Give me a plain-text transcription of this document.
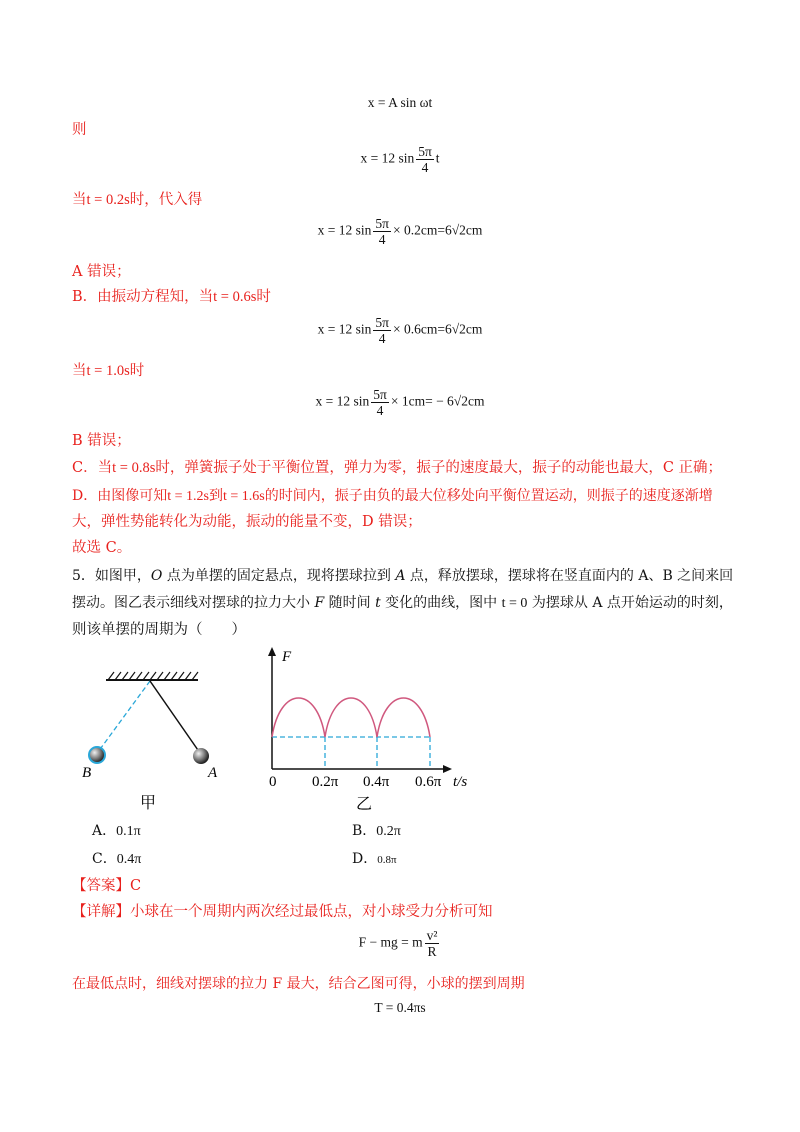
x = A sin ωt
则
x = 12 $\sin \frac{5\pi}{4}$ t
当t = 0.2s时，代入得
x = 12 $\sin \frac{5\pi}{4} \times 0.2cm=6√2cm$
A 错误；
B．由振动方程知，当t = 0.6s时
x = 12 $\sin \frac{5\pi}{4} \times 0.6cm=6√2cm$
当t = 1.0s时
x = 12 $\sin \frac{5\pi}{4} \times 1cm= - 6√2cm$
B 错误；
C．当t = 0.8s时，弹簧振子处于平衡位置，弹力为零，振子的速度最大，振子的动能也最大，C 正确；
D．由图像可知t = 1.2s到t = 1.6s的时间内，振子由负的最大位移处向平衡位置运动，则振子的速度逐渐增
大，弹性势能转化为动能，振动的能量不变，D 错误；
故选 C。
5．如图甲，O 点为单摆的固定悬点，现将摆球拉到 A 点，释放摆球，摆球将在竖直面内的 A、B 之间来回
摆动。图乙表示细线对摆球的拉力大小 F 随时间 t 变化的曲线，图中 t = 0 为摆球从 A 点开始运动的时刻，
则该单摆的周期为（　　）
B	A
甲
F
0 0.2π 0.4π 0.6π t/s
乙
A．0.1π	B．0.2π
C．0.4π	D．0.8π
【答案】C
【详解】小球在一个周期内两次经过最低点，对小球受力分析可知
F − mg = m $\frac{\text{v²}}{R}$
在最低点时，细线对摆球的拉力 F 最大，结合乙图可得，小球的摆到周期
T = 0.4πs
